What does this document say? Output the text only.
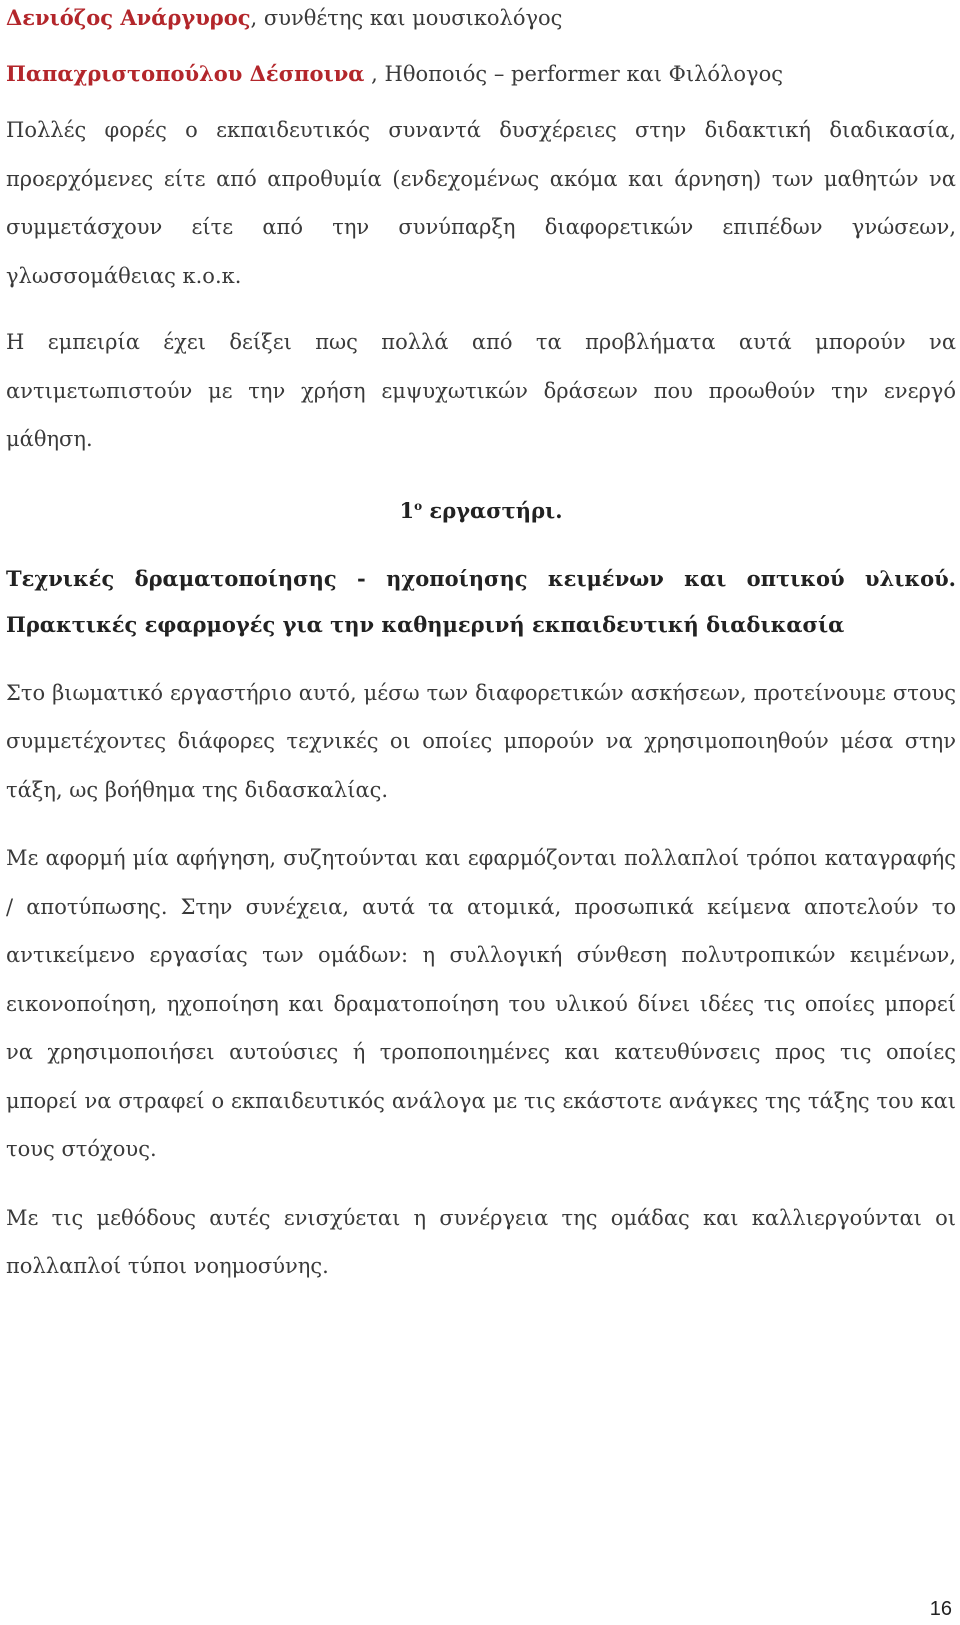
Δενιόζος Ανάργυρος, συνθέτης και μουσικολόγος

Παπαχριστοπούλου Δέσποινα , Ηθοποιός – performer και Φιλόλογος

Πολλές φορές ο εκπαιδευτικός συναντά δυσχέρειες στην διδακτική διαδικασία, προερχόμενες είτε από απροθυμία (ενδεχομένως ακόμα και άρνηση) των μαθητών να συμμετάσχουν είτε από την συνύπαρξη διαφορετικών επιπέδων γνώσεων, γλωσσομάθειας κ.ο.κ.

Η εμπειρία έχει δείξει πως πολλά από τα προβλήματα αυτά μπορούν να αντιμετωπιστούν με την χρήση εμψυχωτικών δράσεων που προωθούν την ενεργό μάθηση.

$1^o$ εργαστήρι.

Τεχνικές δραματοποίησης - ηχοποίησης κειμένων και οπτικού υλικού.

Πρακτικές εφαρμογές για την καθημερινή εκπαιδευτική διαδικασία

Στο βιωματικό εργαστήριο αυτό, μέσω των διαφορετικών ασκήσεων, προτείνουμε στους συμμετέχοντες διάφορες τεχνικές οι οποίες μπορούν να χρησιμοποιηθούν μέσα στην τάξη, ως βοήθημα της διδασκαλίας.

Με αφορμή μία αφήγηση, συζητούνται και εφαρμόζονται πολλαπλοί τρόποι καταγραφής / αποτύπωσης. Στην συνέχεια, αυτά τα ατομικά, προσωπικά κείμενα αποτελούν το αντικείμενο εργασίας των ομάδων: η συλλογική σύνθεση πολυτροπικών κειμένων, εικονοποίηση, ηχοποίηση και δραματοποίηση του υλικού δίνει ιδέες τις οποίες μπορεί να χρησιμοποιήσει αυτούσιες ή τροποποιημένες και κατευθύνσεις προς τις οποίες μπορεί να στραφεί ο εκπαιδευτικός ανάλογα με τις εκάστοτε ανάγκες της τάξης του και τους στόχους.

Με τις μεθόδους αυτές ενισχύεται η συνέργεια της ομάδας και καλλιεργούνται οι πολλαπλοί τύποι νοημοσύνης.

16
